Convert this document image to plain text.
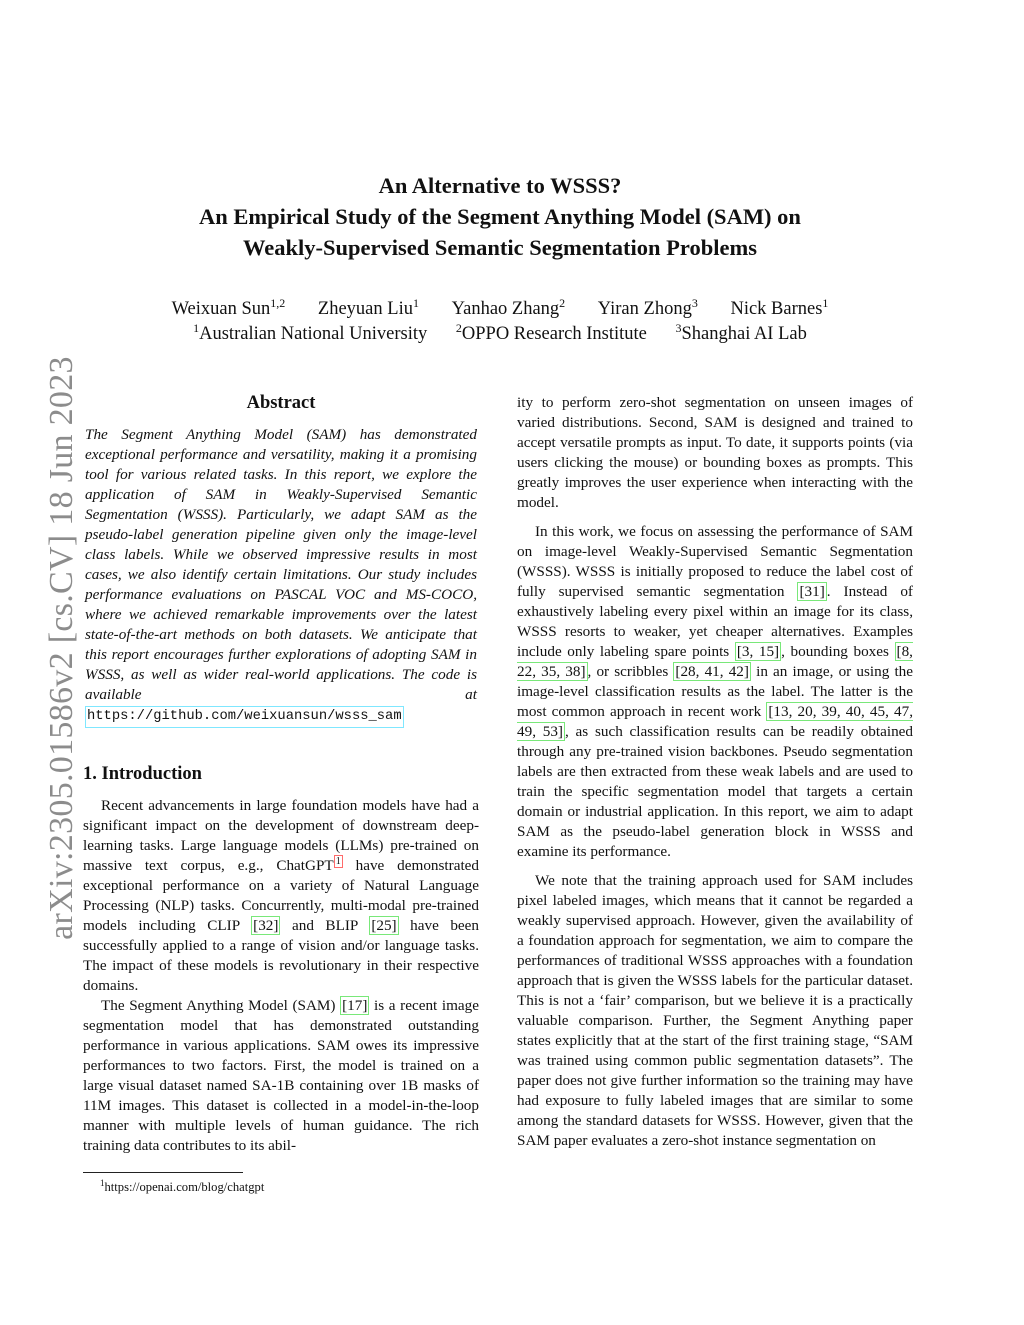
arXiv:2305.01586v2 [cs.CV] 18 Jun 2023
An Alternative to WSSS?
An Empirical Study of the Segment Anything Model (SAM) on
Weakly-Supervised Semantic Segmentation Problems
Weixuan Sun$^{1,2}$ Zheyuan Liu$^1$ Yanhao Zhang$^2$ Yiran Zhong$^3$ Nick Barnes$^1$
$^1$Australian National University $^2$OPPO Research Institute $^3$Shanghai AI Lab
Abstract

The Segment Anything Model (SAM) has demonstrated exceptional performance and versatility, making it a promising tool for various related tasks. In this report, we explore the application of SAM in Weakly-Supervised Semantic Segmentation (WSSS). Particularly, we adapt SAM as the pseudo-label generation pipeline given only the image-level class labels. While we observed impressive results in most cases, we also identify certain limitations. Our study includes performance evaluations on PASCAL VOC and MS-COCO, where we achieved remarkable improvements over the latest state-of-the-art methods on both datasets. We anticipate that this report encourages further explorations of adopting SAM in WSSS, as well as wider real-world applications. The code is available at https://github.com/weixuansun/wsss_sam

1. Introduction

Recent advancements in large foundation models have had a significant impact on the development of downstream deep-learning tasks. Large language models (LLMs) pre-trained on massive text corpus, e.g., ChatGPT $^1$ have demonstrated exceptional performance on a variety of Natural Language Processing (NLP) tasks. Concurrently, multi-modal pre-trained models including CLIP [32] and BLIP [25] have been successfully applied to a range of vision and/or language tasks. The impact of these models is revolutionary in their respective domains.

The Segment Anything Model (SAM) [17] is a recent image segmentation model that has demonstrated outstanding performance in various applications. SAM owes its impressive performances to two factors. First, the model is trained on a large visual dataset named SA-1B containing over 1B masks of 11M images. This dataset is collected in a model-in-the-loop manner with multiple levels of human guidance. The rich training data contributes to its abil-

ity to perform zero-shot segmentation on unseen images of varied distributions. Second, SAM is designed and trained to accept versatile prompts as input. To date, it supports points (via users clicking the mouse) or bounding boxes as prompts. This greatly improves the user experience when interacting with the model.

In this work, we focus on assessing the performance of SAM on image-level Weakly-Supervised Semantic Segmentation (WSSS). WSSS is initially proposed to reduce the label cost of fully supervised semantic segmentation [31] . Instead of exhaustively labeling every pixel within an image for its class, WSSS resorts to weaker, yet cheaper alternatives. Examples include only labeling spare points [3, 15] , bounding boxes [8, 22, 35, 38] , or scribbles [28, 41, 42] in an image, or using the image-level classification results as the label. The latter is the most common approach in recent work [13, 20, 39, 40, 45, 47, 49, 53] , as such classification results can be readily obtained through any pre-trained vision backbones. Pseudo segmentation labels are then extracted from these weak labels and are used to train the specific segmentation model that targets a certain domain or industrial application. In this report, we aim to adapt SAM as the pseudo-label generation block in WSSS and examine its performance.

We note that the training approach used for SAM includes pixel labeled images, which means that it cannot be regarded a weakly supervised approach. However, given the availability of a foundation approach for segmentation, we aim to compare the performances of traditional WSSS approaches with a foundation approach that is given the WSSS labels for the particular dataset. This is not a ‘fair’ comparison, but we believe it is a practically valuable comparison. Further, the Segment Anything paper states explicitly that at the start of the first training stage, “SAM was trained using common public segmentation datasets”. The paper does not give further information so the training may have had exposure to fully labeled images that are similar to some among the standard datasets for WSSS. However, given that the SAM paper evaluates a zero-shot instance segmentation on

$^1$https://openai.com/blog/chatgpt
